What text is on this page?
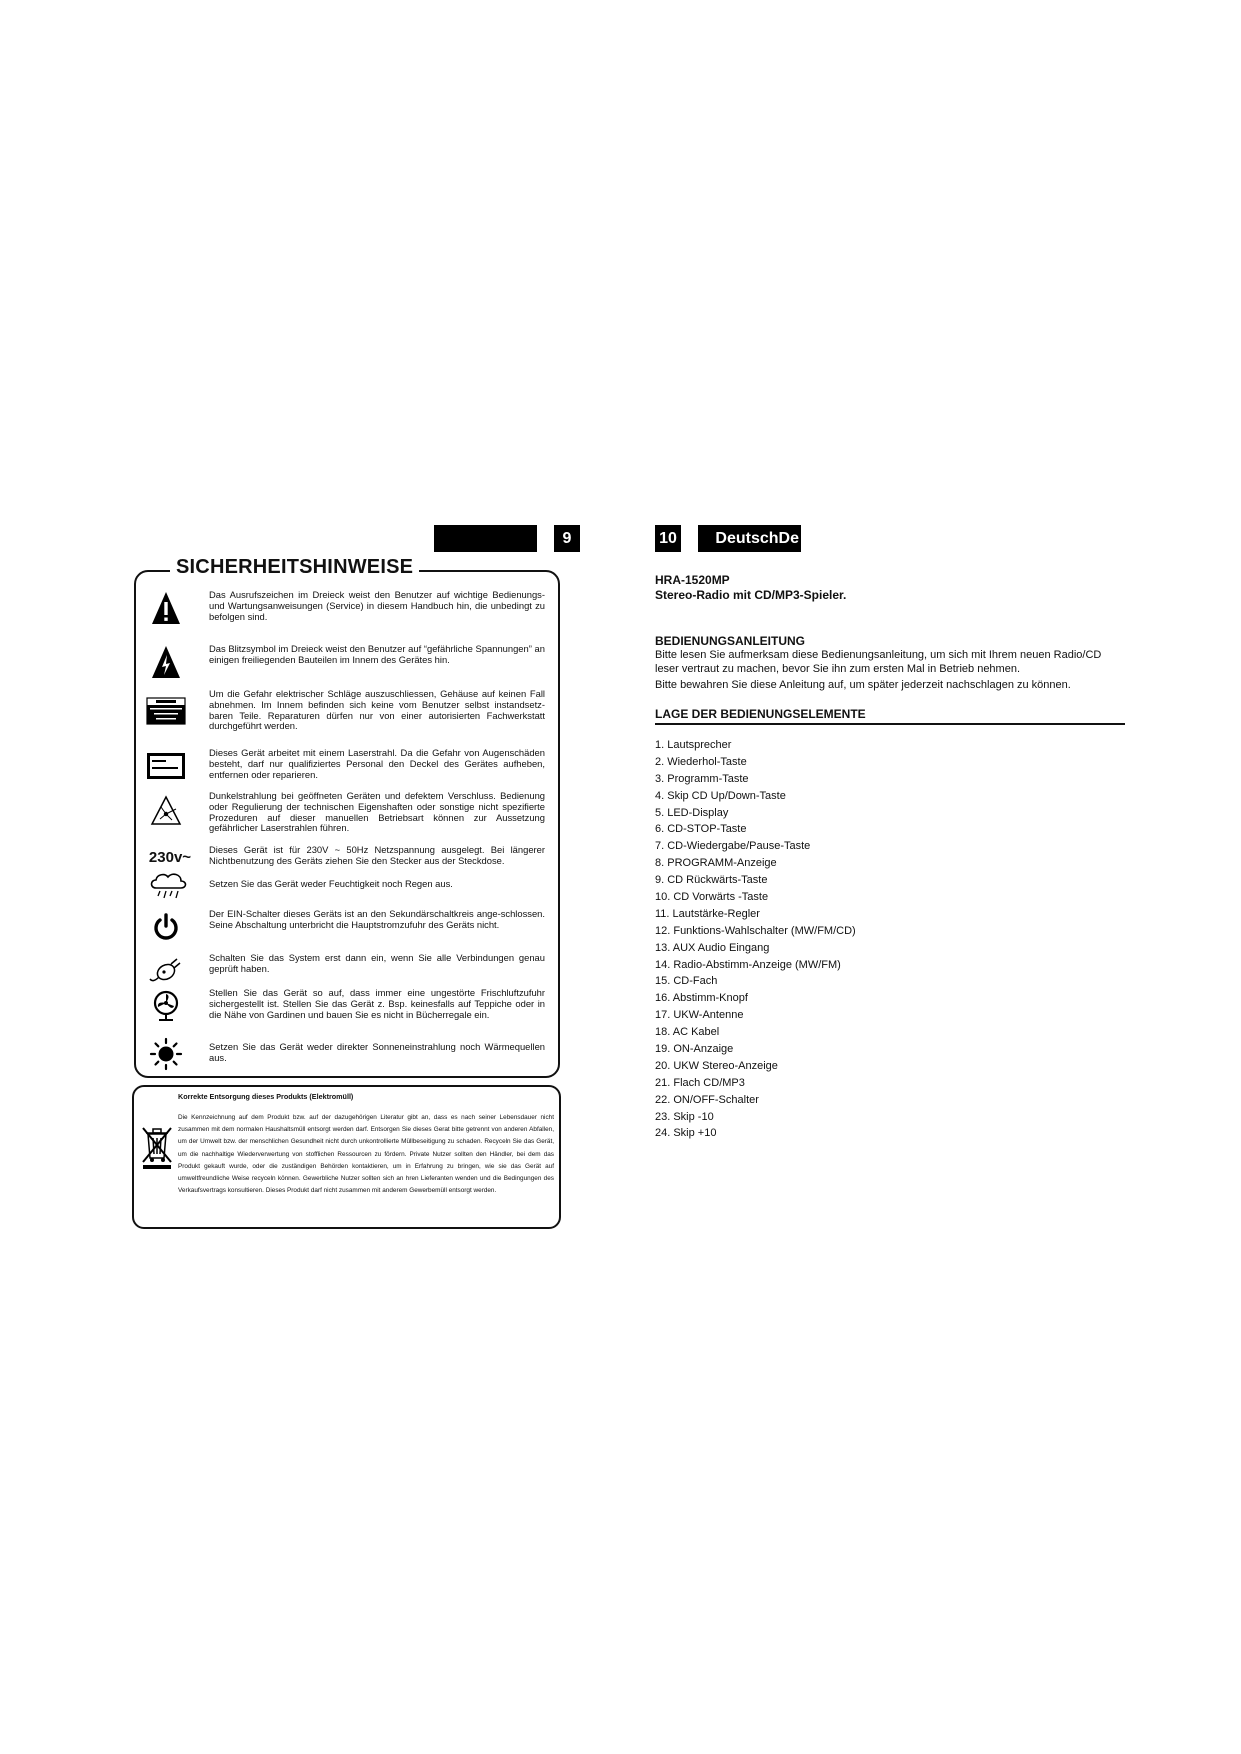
9	10	DeutschDe
SICHERHEITSHINWEISE
Das Ausrufszeichen im Dreieck weist den Benutzer auf wichtige Bedienungs- und Wartungsanweisungen (Service) in diesem Handbuch hin, die unbedingt zu befolgen sind.
Das Blitzsymbol im Dreieck weist den Benutzer auf “gefährliche Spannungen” an einigen freiliegenden Bauteilen im Innem des Gerätes hin.
Um die Gefahr elektrischer Schläge auszuschliessen, Gehäuse auf keinen Fall abnehmen. Im Innem befinden sich keine vom Benutzer selbst instandsetz-baren Teile. Reparaturen dürfen nur von einer autorisierten Fachwerkstatt durchgeführt werden.
Dieses Gerät arbeitet mit einem Laserstrahl. Da die Gefahr von Augenschäden besteht, darf nur qualifiziertes Personal den Deckel des Gerätes aufheben, entfernen oder reparieren.
Dunkelstrahlung bei geöffneten Geräten und defektem Verschluss. Bedienung oder Regulierung der technischen Eigenshaften oder sonstige nicht spezifierte Prozeduren auf dieser manuellen Betriebsart können zur Aussetzung gefährlicher Laserstrahlen führen.
230v~	Dieses Gerät ist für 230V ~ 50Hz Netzspannung ausgelegt. Bei längerer Nichtbenutzung des Geräts ziehen Sie den Stecker aus der Steckdose.
Setzen Sie das Gerät weder Feuchtigkeit noch Regen aus.
Der EIN-Schalter dieses Geräts ist an den Sekundärschaltkreis ange-schlossen. Seine Abschaltung unterbricht die Hauptstromzufuhr des Geräts nicht.
Schalten Sie das System erst dann ein, wenn Sie alle Verbindungen genau geprüft haben.
Stellen Sie das Gerät so auf, dass immer eine ungestörte Frischluftzufuhr sichergestellt ist. Stellen Sie das Gerät z. Bsp. keinesfalls auf Teppiche oder in die Nähe von Gardinen und bauen Sie es nicht in Bücherregale ein.
Setzen Sie das Gerät weder direkter Sonneneinstrahlung noch Wärmequellen aus.
Korrekte Entsorgung dieses Produkts (Elektromüll)
Die Kennzeichnung auf dem Produkt bzw. auf der dazugehörigen Literatur gibt an, dass es nach seiner Lebensdauer nicht zusammen mit dem normalen Haushaltsmüll entsorgt werden darf. Entsorgen Sie dieses Gerat bitte getrennt von anderen Abfallen, um der Umwelt bzw. der menschlichen Gesundheit nicht durch unkontrollierte Müllbeseitigung zu schaden. Recyceln Sie das Gerät, um die nachhaltige Wiederverwertung von stofflichen Ressourcen zu fördern. Private Nutzer sollten den Händler, bei dem das Produkt gekauft wurde, oder die zuständigen Behörden kontaktieren, um in Erfahrung zu bringen, wie sie das Gerät auf umweltfreundliche Weise recyceln können. Gewerbliche Nutzer sollten sich an hren Lieferanten wenden und die Bedingungen des Verkaufsvertrags konsultieren. Dieses Produkt darf nicht zusammen mit anderem Gewerbemüll entsorgt werden.
HRA-1520MP
Stereo-Radio mit CD/MP3-Spieler.
BEDIENUNGSANLEITUNG
Bitte lesen Sie aufmerksam diese Bedienungsanleitung, um sich mit Ihrem neuen Radio/CD leser vertraut zu machen, bevor Sie ihn zum ersten Mal in Betrieb nehmen.
Bitte bewahren Sie diese Anleitung auf, um später jederzeit nachschlagen zu können.
LAGE DER BEDIENUNGSELEMENTE
1. Lautsprecher
2. Wiederhol-Taste
3. Programm-Taste
4. Skip CD Up/Down-Taste
5. LED-Display
6. CD-STOP-Taste
7. CD-Wiedergabe/Pause-Taste
8. PROGRAMM-Anzeige
9. CD Rückwärts-Taste
10. CD Vorwärts -Taste
11. Lautstärke-Regler
12. Funktions-Wahlschalter (MW/FM/CD)
13. AUX Audio Eingang
14. Radio-Abstimm-Anzeige (MW/FM)
15. CD-Fach
16. Abstimm-Knopf
17. UKW-Antenne
18. AC Kabel
19. ON-Anzaige
20. UKW Stereo-Anzeige
21. Flach CD/MP3
22. ON/OFF-Schalter
23. Skip -10
24. Skip +10
